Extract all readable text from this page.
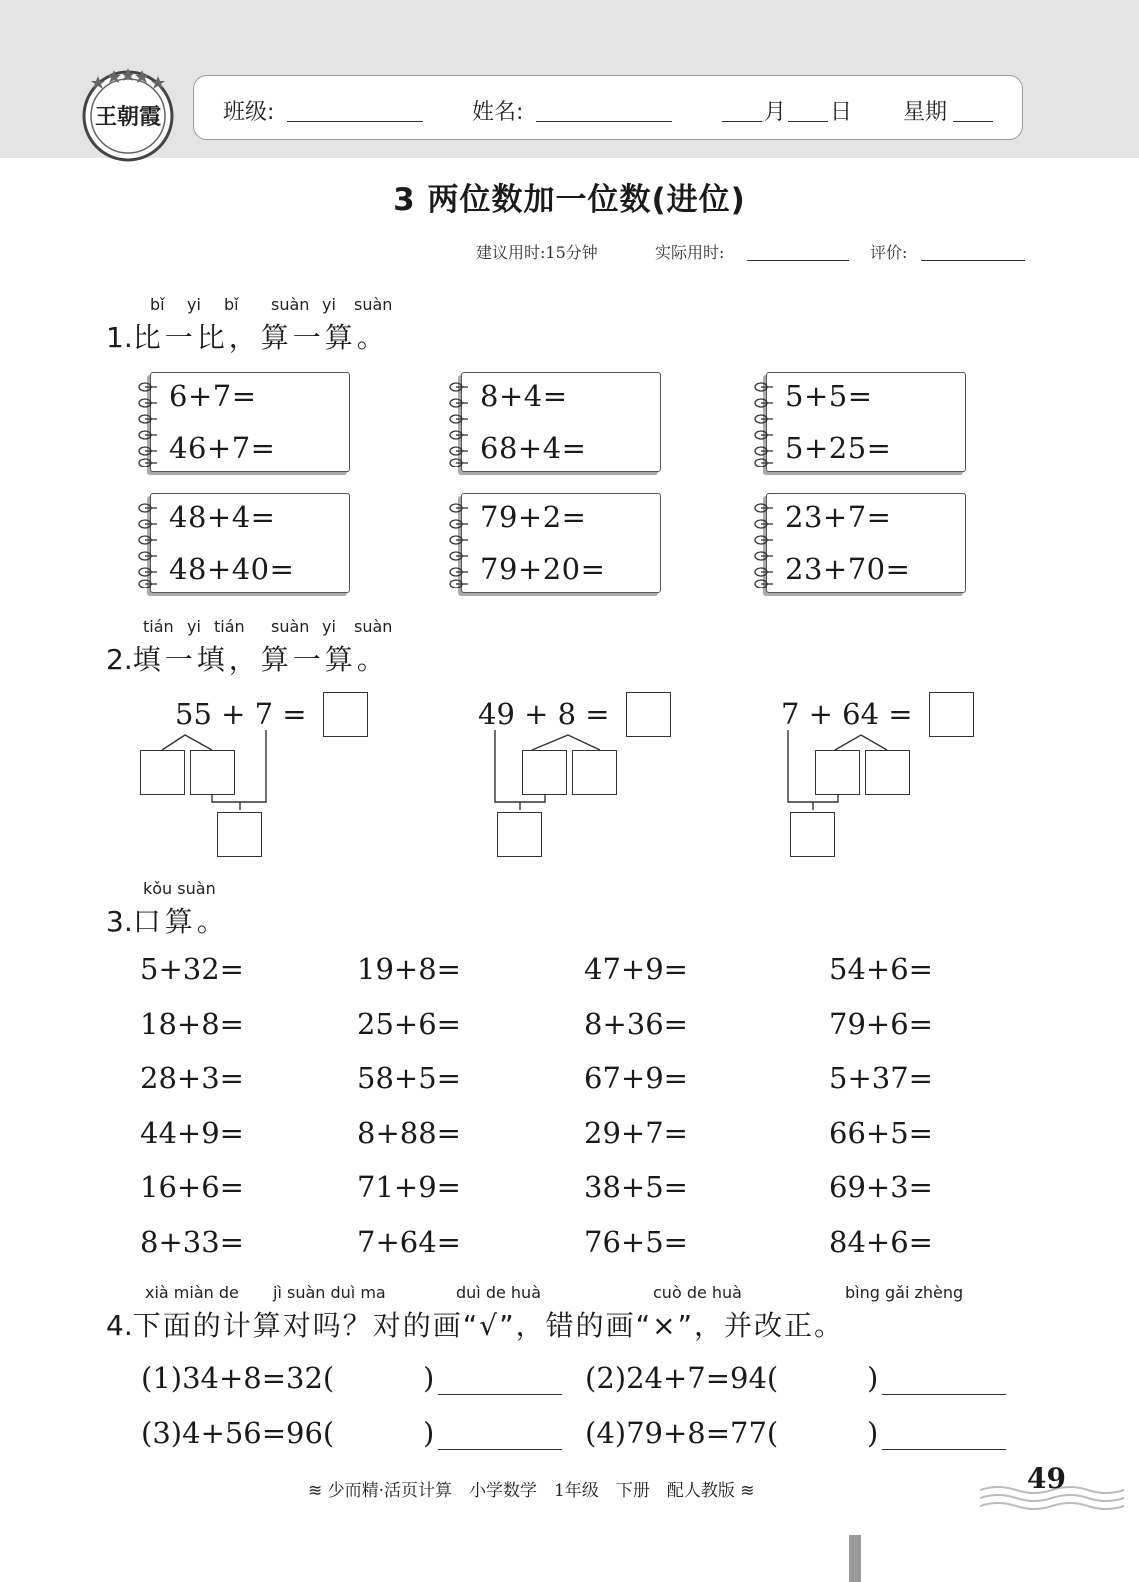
王朝霞	班级:	姓名:	月 日 星期
3 两位数加一位数(进位)
建议用时:15分钟	实际用时:	评价:
bǐ yi bǐ suàn yi suàn
1.比一比，算一算。
6+7=
46+7=
8+4=
68+4=
5+5=
5+25=
48+4=
48+40=
79+2=
79+20=
23+7=
23+70=
tián yi tián suàn yi suàn
2.填一填，算一算。
55 + 7 =	49 + 8 =	7 + 64 =
kǒu suàn
3.口算。
5+32=	19+8=	47+9=	54+6=
18+8=	25+6=	8+36=	79+6=
28+3=	58+5=	67+9=	5+37=
44+9=	8+88=	29+7=	66+5=
16+6=	71+9=	38+5=	69+3=
8+33=	7+64=	76+5=	84+6=
xià miàn de jì suàn duì ma	duì de huà	cuò de huà	bìng gǎi zhèng
4.下面的计算对吗？对的画“√”，错的画“×”，并改正。
(1)34+8=32(	)	(2)24+7=94(	)
(3)4+56=96(	)	(4)79+8=77(	)
≋ 少而精·活页计算　小学数学　1年级　下册　配人教版 ≋	49
